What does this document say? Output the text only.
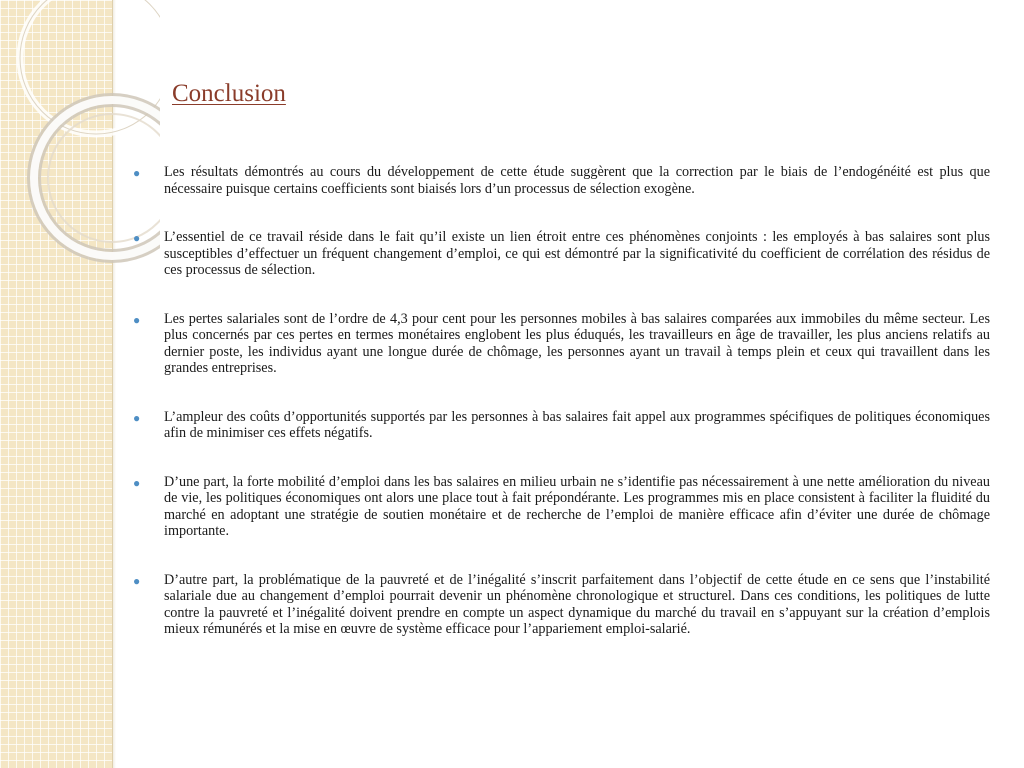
Conclusion
● Les résultats démontrés au cours du développement de cette étude suggèrent que la correction par le biais de l’endogénéité est plus que nécessaire puisque certains coefficients sont biaisés lors d’un processus de sélection exogène.
● L’essentiel de ce travail réside dans le fait qu’il existe un lien étroit entre ces phénomènes conjoints : les employés à bas salaires sont plus susceptibles d’effectuer un fréquent changement d’emploi, ce qui est démontré par la significativité du coefficient de corrélation des résidus de ces processus de sélection.
● Les pertes salariales sont de l’ordre de 4,3 pour cent pour les personnes mobiles à bas salaires comparées aux immobiles du même secteur. Les plus concernés par ces pertes en termes monétaires englobent les plus éduqués, les travailleurs en âge de travailler, les plus anciens relatifs au dernier poste, les individus ayant une longue durée de chômage, les personnes ayant un travail à temps plein et ceux qui travaillent dans les grandes entreprises.
● L’ampleur des coûts d’opportunités supportés par les personnes à bas salaires fait appel aux programmes spécifiques de politiques économiques afin de minimiser ces effets négatifs.
● D’une part, la forte mobilité d’emploi dans les bas salaires en milieu urbain ne s’identifie pas nécessairement à une nette amélioration du niveau de vie, les politiques économiques ont alors une place tout à fait prépondérante. Les programmes mis en place consistent à faciliter la fluidité du marché en adoptant une stratégie de soutien monétaire et de recherche de l’emploi de manière efficace afin d’éviter une durée de chômage importante.
● D’autre part, la problématique de la pauvreté et de l’inégalité s’inscrit parfaitement dans l’objectif de cette étude en ce sens que l’instabilité salariale due au changement d’emploi pourrait devenir un phénomène chronologique et structurel. Dans ces conditions, les politiques de lutte contre la pauvreté et l’inégalité doivent prendre en compte un aspect dynamique du marché du travail en s’appuyant sur la création d’emplois mieux rémunérés et la mise en œuvre de système efficace pour l’appariement emploi-salarié.
